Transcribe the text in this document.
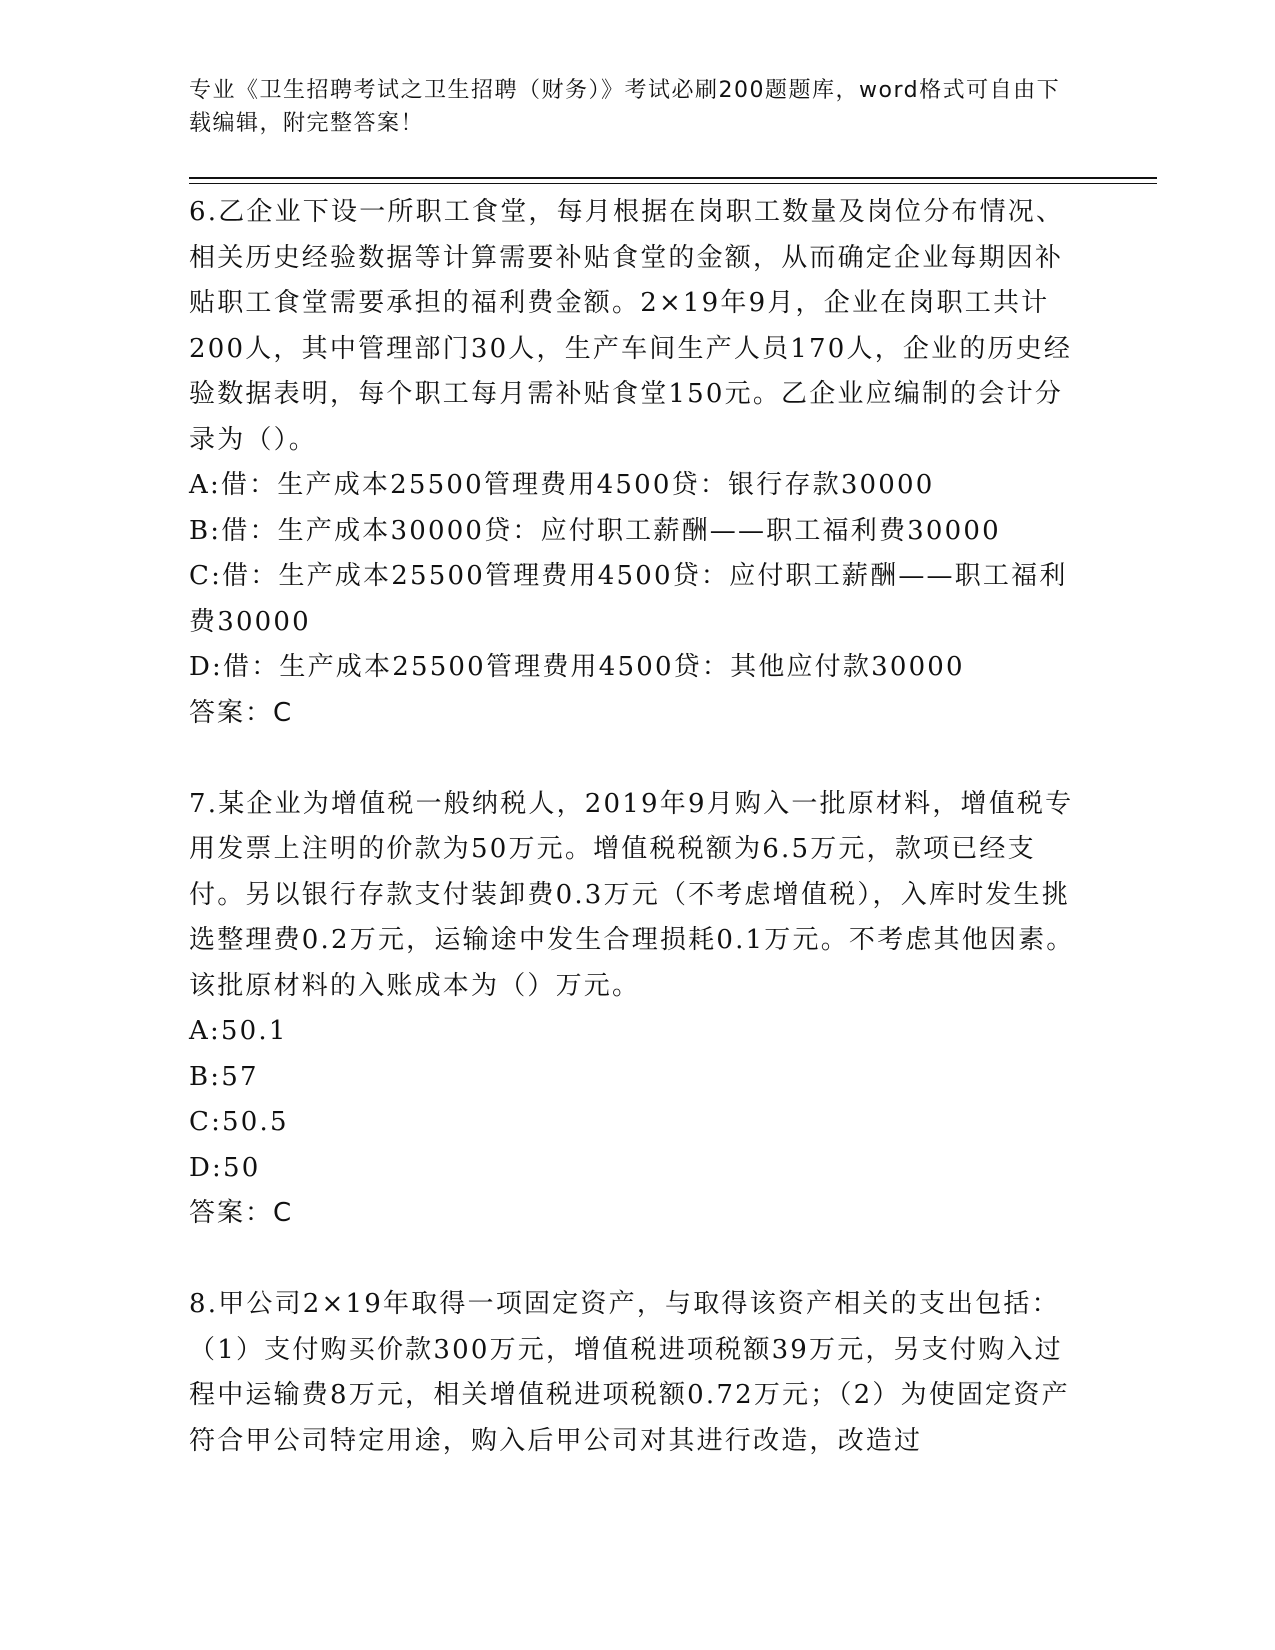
专业《卫生招聘考试之卫生招聘（财务）》考试必刷200题题库，word格式可自由下载编辑，附完整答案！

6.乙企业下设一所职工食堂，每月根据在岗职工数量及岗位分布情况、相关历史经验数据等计算需要补贴食堂的金额，从而确定企业每期因补贴职工食堂需要承担的福利费金额。2×19年9月，企业在岗职工共计200人，其中管理部门30人，生产车间生产人员170人，企业的历史经验数据表明，每个职工每月需补贴食堂150元。乙企业应编制的会计分录为（）。

A:借：生产成本25500管理费用4500贷：银行存款30000

B:借：生产成本30000贷：应付职工薪酬——职工福利费30000

C:借：生产成本25500管理费用4500贷：应付职工薪酬——职工福利费30000

D:借：生产成本25500管理费用4500贷：其他应付款30000

答案：C

7.某企业为增值税一般纳税人，2019年9月购入一批原材料，增值税专用发票上注明的价款为50万元。增值税税额为6.5万元，款项已经支付。另以银行存款支付装卸费0.3万元（不考虑增值税），入库时发生挑选整理费0.2万元，运输途中发生合理损耗0.1万元。不考虑其他因素。该批原材料的入账成本为（）万元。

A:50.1

B:57

C:50.5

D:50

答案：C

8.甲公司2×19年取得一项固定资产，与取得该资产相关的支出包括：（1）支付购买价款300万元，增值税进项税额39万元，另支付购入过程中运输费8万元，相关增值税进项税额0.72万元；（2）为使固定资产符合甲公司特定用途，购入后甲公司对其进行改造，改造过
